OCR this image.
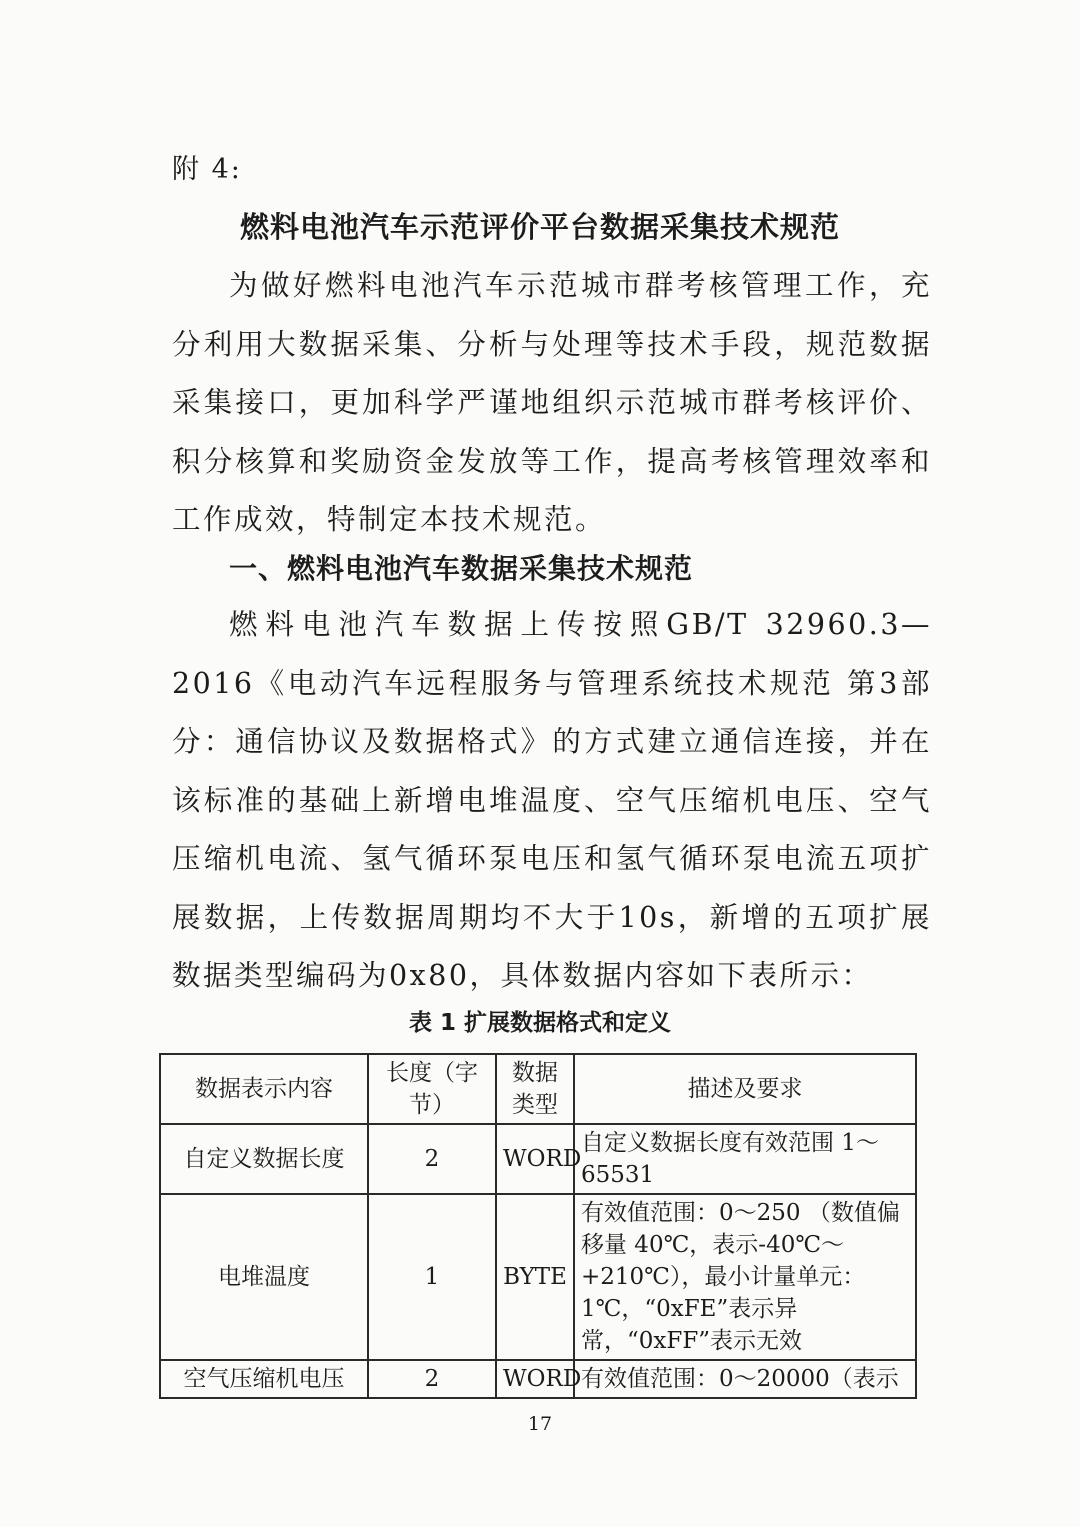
附 4:
燃料电池汽车示范评价平台数据采集技术规范

为做好燃料电池汽车示范城市群考核管理工作，充分利用大数据采集、分析与处理等技术手段，规范数据采集接口，更加科学严谨地组织示范城市群考核评价、积分核算和奖励资金发放等工作，提高考核管理效率和工作成效，特制定本技术规范。

一、燃料电池汽车数据采集技术规范

燃料电池汽车数据上传按照GB/T 32960.3—2016《电动汽车远程服务与管理系统技术规范 第3部分：通信协议及数据格式》的方式建立通信连接，并在该标准的基础上新增电堆温度、空气压缩机电压、空气压缩机电流、氢气循环泵电压和氢气循环泵电流五项扩展数据，上传数据周期均不大于10s，新增的五项扩展数据类型编码为0x80，具体数据内容如下表所示：

表 1 扩展数据格式和定义
数据表示内容	长度（字节）	数据类型	描述及要求
自定义数据长度	2	WORD	自定义数据长度有效范围 1～65531
电堆温度	1	BYTE	有效值范围：0～250 （数值偏移量 40℃，表示-40℃～+210℃），最小计量单元：1℃，“0xFE”表示异常，“0xFF”表示无效
空气压缩机电压	2	WORD	有效值范围：0～20000（表示
17
